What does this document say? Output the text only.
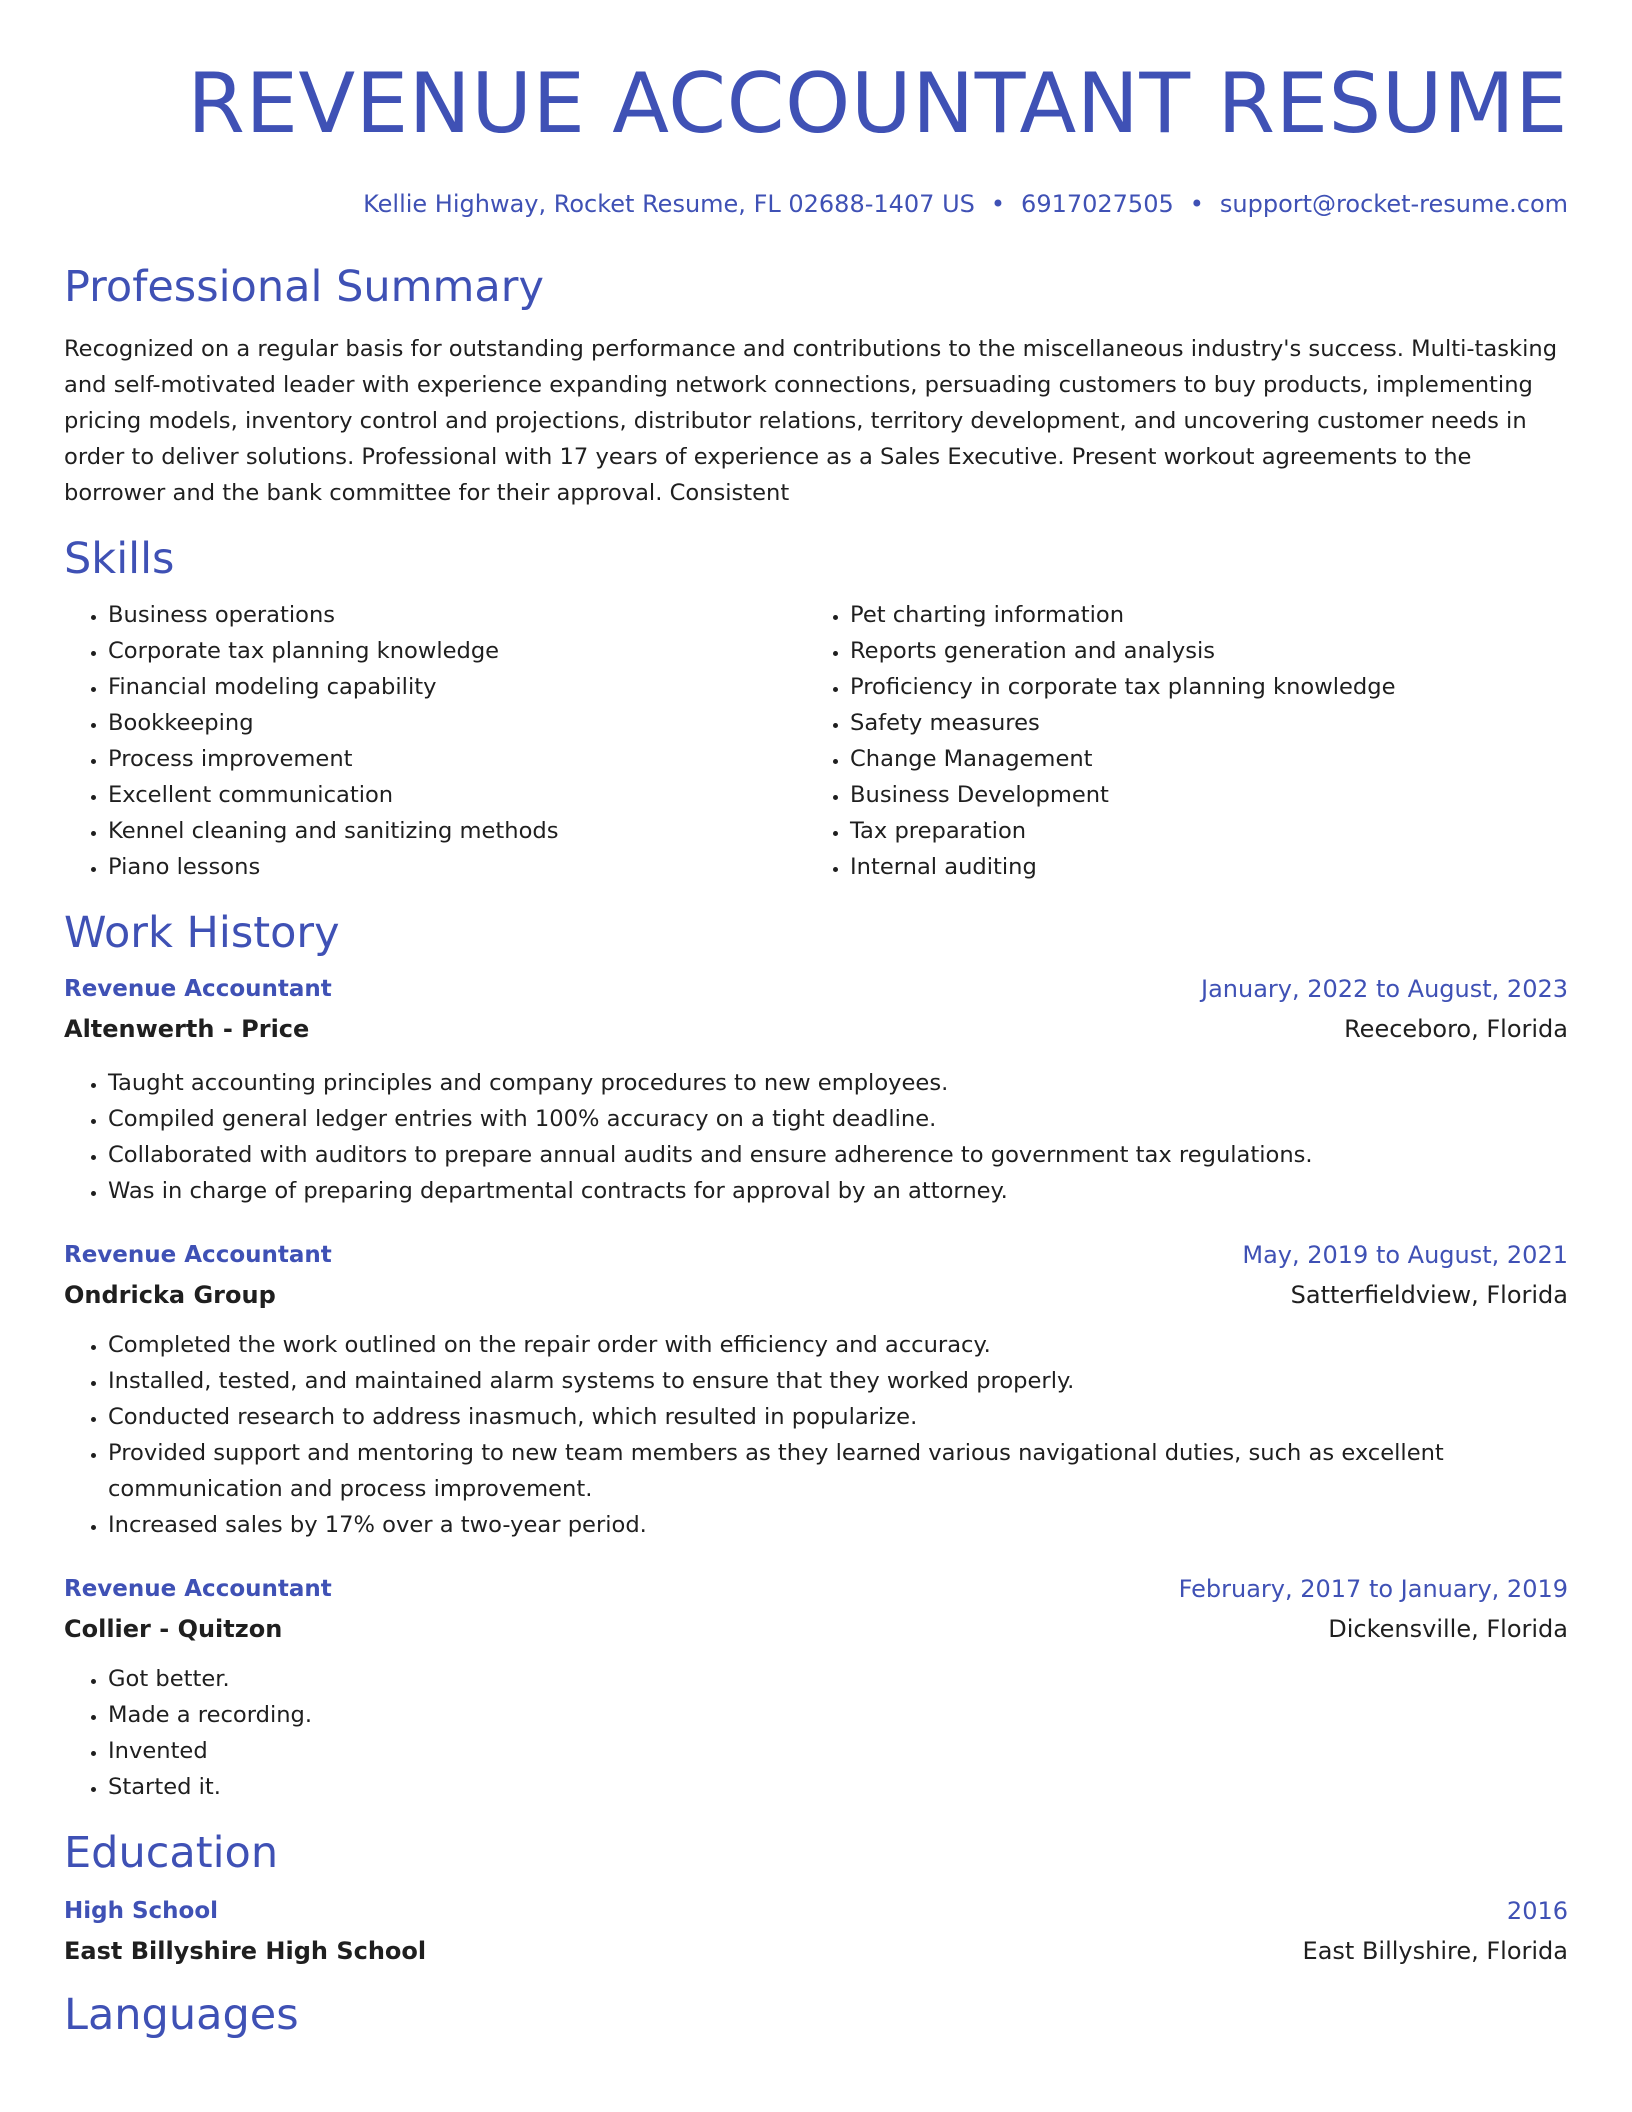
REVENUE ACCOUNTANT RESUME
Kellie Highway, Rocket Resume, FL 02688-1407 US • 6917027505 • support@rocket-resume.com
Professional Summary

Recognized on a regular basis for outstanding performance and contributions to the miscellaneous industry's success. Multi-tasking and self-motivated leader with experience expanding network connections, persuading customers to buy products, implementing pricing models, inventory control and projections, distributor relations, territory development, and uncovering customer needs in order to deliver solutions. Professional with 17 years of experience as a Sales Executive. Present workout agreements to the borrower and the bank committee for their approval. Consistent

Skills
• Business operations
• Corporate tax planning knowledge
• Financial modeling capability
• Bookkeeping
• Process improvement
• Excellent communication
• Kennel cleaning and sanitizing methods
• Piano lessons
• Pet charting information
• Reports generation and analysis
• Proficiency in corporate tax planning knowledge
• Safety measures
• Change Management
• Business Development
• Tax preparation
• Internal auditing
Work History
Revenue Accountant	January, 2022 to August, 2023
Altenwerth - Price	Reeceboro, Florida
• Taught accounting principles and company procedures to new employees.
• Compiled general ledger entries with 100% accuracy on a tight deadline.
• Collaborated with auditors to prepare annual audits and ensure adherence to government tax regulations.
• Was in charge of preparing departmental contracts for approval by an attorney.
Revenue Accountant	May, 2019 to August, 2021
Ondricka Group	Satterfieldview, Florida
• Completed the work outlined on the repair order with efficiency and accuracy.
• Installed, tested, and maintained alarm systems to ensure that they worked properly.
• Conducted research to address inasmuch, which resulted in popularize.
• Provided support and mentoring to new team members as they learned various navigational duties, such as excellent communication and process improvement.
• Increased sales by 17% over a two-year period.
Revenue Accountant	February, 2017 to January, 2019
Collier - Quitzon	Dickensville, Florida
• Got better.
• Made a recording.
• Invented
• Started it.
Education
High School	2016
East Billyshire High School	East Billyshire, Florida
Languages
